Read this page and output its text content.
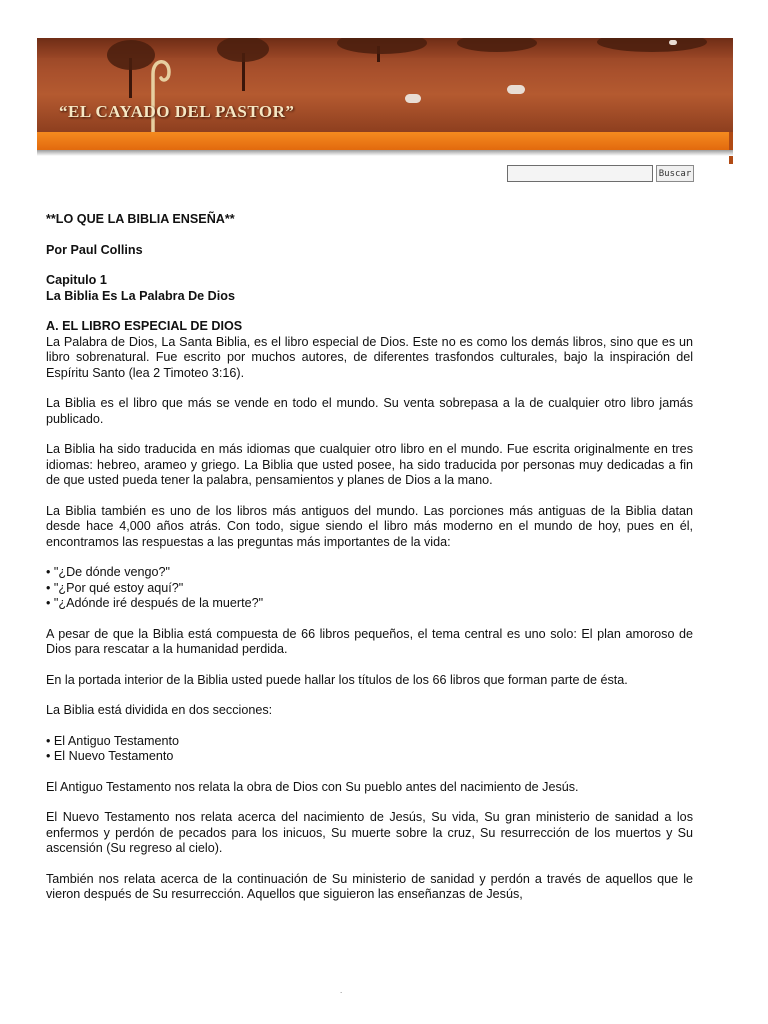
“EL CAYADO DEL PASTOR”
Buscar

**LO QUE LA BIBLIA ENSEÑA**

Por Paul Collins

Capitulo 1

La Biblia Es La Palabra De Dios

A. EL LIBRO ESPECIAL DE DIOS

La Palabra de Dios, La Santa Biblia, es el libro especial de Dios. Este no es como los demás libros, sino que es un libro sobrenatural. Fue escrito por muchos autores, de diferentes trasfondos culturales, bajo la inspiración del Espíritu Santo (lea 2 Timoteo 3:16).

La Biblia es el libro que más se vende en todo el mundo. Su venta sobrepasa a la de cualquier otro libro jamás publicado.

La Biblia ha sido traducida en más idiomas que cualquier otro libro en el mundo. Fue escrita originalmente en tres idiomas: hebreo, arameo y griego. La Biblia que usted posee, ha sido traducida por personas muy dedicadas a fin de que usted pueda tener la palabra, pensamientos y planes de Dios a la mano.

La Biblia también es uno de los libros más antiguos del mundo. Las porciones más antiguas de la Biblia datan desde hace 4,000 años atrás. Con todo, sigue siendo el libro más moderno en el mundo de hoy, pues en él, encontramos las respuestas a las preguntas más importantes de la vida:

• "¿De dónde vengo?"

• "¿Por qué estoy aquí?"

• "¿Adónde iré después de la muerte?"

A pesar de que la Biblia está compuesta de 66 libros pequeños, el tema central es uno solo: El plan amoroso de Dios para rescatar a la humanidad perdida.

En la portada interior de la Biblia usted puede hallar los títulos de los 66 libros que forman parte de ésta.

La Biblia está dividida en dos secciones:

• El Antiguo Testamento

• El Nuevo Testamento

El Antiguo Testamento nos relata la obra de Dios con Su pueblo antes del nacimiento de Jesús.

El Nuevo Testamento nos relata acerca del nacimiento de Jesús, Su vida, Su gran ministerio de sanidad a los enfermos y perdón de pecados para los inicuos, Su muerte sobre la cruz, Su resurrección de los muertos y Su ascensión (Su regreso al cielo).

También nos relata acerca de la continuación de Su ministerio de sanidad y perdón a través de aquellos que le vieron después de Su resurrección. Aquellos que siguieron las enseñanzas de Jesús,

.
